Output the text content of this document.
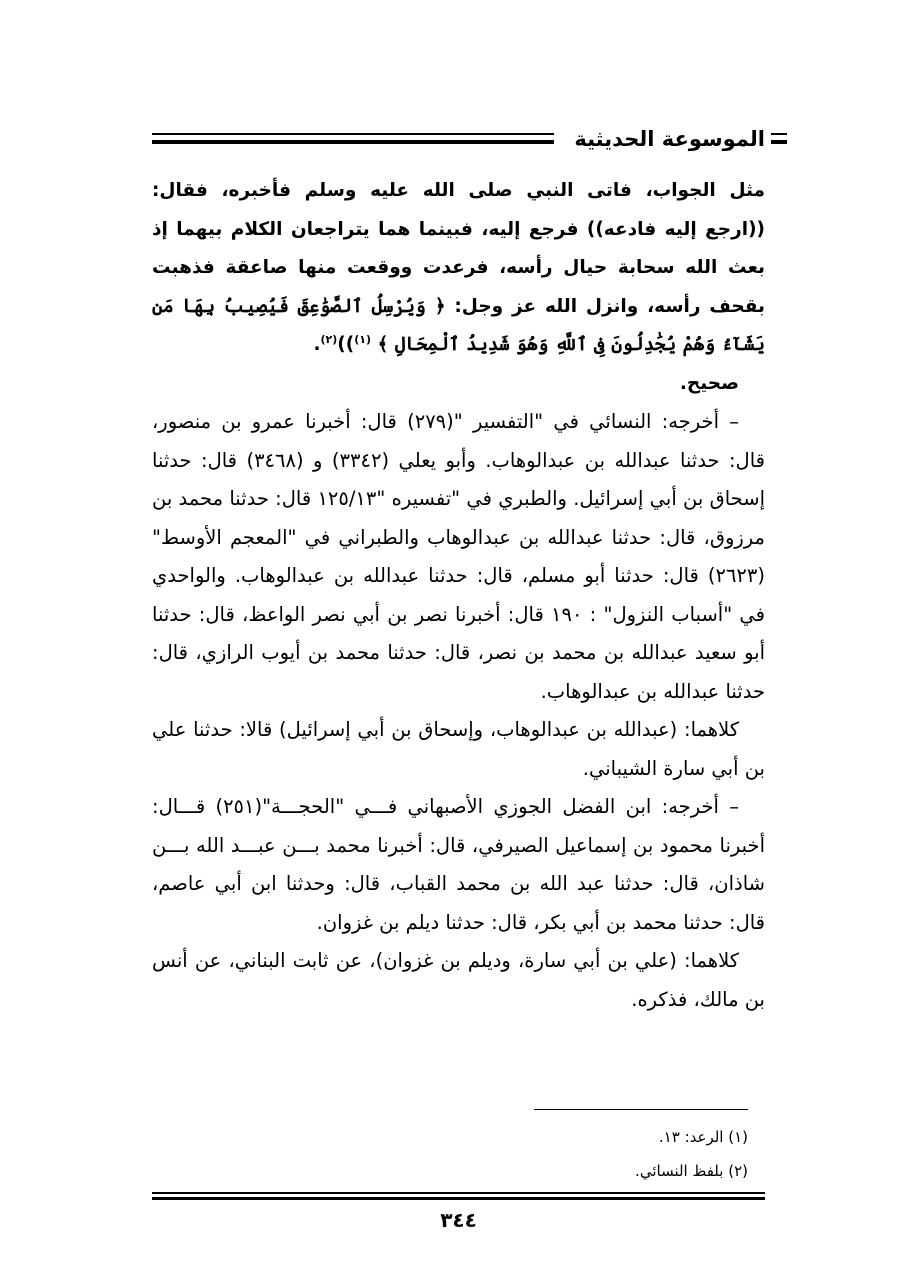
الموسوعة الحديثية

مثل الجواب، فاتى النبي صلى الله عليه وسلم فأخبره، فقال: ((ارجع إليه فادعه)) فرجع إليه، فبينما هما يتراجعان الكلام بيهما إذ بعث الله سحابة حيال رأسه، فرعدت ووقعت منها صاعقة فذهبت بقحف رأسه، وانزل الله عز وجل: ﴿ وَيُرْسِلُ ٱلصَّوَٰعِقَ فَيُصِيبُ بِهَا مَن يَشَآءُ وَهُمْ يُجَٰدِلُونَ فِى ٱللَّهِ وَهُوَ شَدِيدُ ٱلْمِحَالِ ﴾ $^{(١)}$))$^{(٢)}$.

صحيح.

– أخرجه: النسائي في "التفسير "(٢٧٩) قال: أخبرنا عمرو بن منصور، قال: حدثنا عبدالله بن عبدالوهاب. وأبو يعلي (٣٣٤٢) و (٣٤٦٨) قال: حدثنا إسحاق بن أبي إسرائيل. والطبري في "تفسيره "١٢٥/١٣ قال: حدثنا محمد بن مرزوق، قال: حدثنا عبدالله بن عبدالوهاب والطبراني في "المعجم الأوسط"(٢٦٢٣) قال: حدثنا أبو مسلم، قال: حدثنا عبدالله بن عبدالوهاب. والواحدي في "أسباب النزول" : ١٩٠ قال: أخبرنا نصر بن أبي نصر الواعظ، قال: حدثنا أبو سعيد عبدالله بن محمد بن نصر، قال: حدثنا محمد بن أيوب الرازي، قال: حدثنا عبدالله بن عبدالوهاب.

كلاهما: (عبدالله بن عبدالوهاب، وإسحاق بن أبي إسرائيل) قالا: حدثنا علي بن أبي سارة الشيباني.

– أخرجه: ابن الفضل الجوزي الأصبهاني فـــي "الحجـــة"(٢٥١) قـــال: أخبرنا محمود بن إسماعيل الصيرفي، قال: أخبرنا محمد بـــن عبـــد الله بـــن شاذان، قال: حدثنا عبد الله بن محمد القباب، قال: وحدثنا ابن أبي عاصم، قال: حدثنا محمد بن أبي بكر، قال: حدثنا ديلم بن غزوان.

كلاهما: (علي بن أبي سارة، وديلم بن غزوان)، عن ثابت البناني، عن أنس بن مالك، فذكره.

(١) الرعد: ١٣.

(٢) بلفظ النسائي.

٣٤٤
